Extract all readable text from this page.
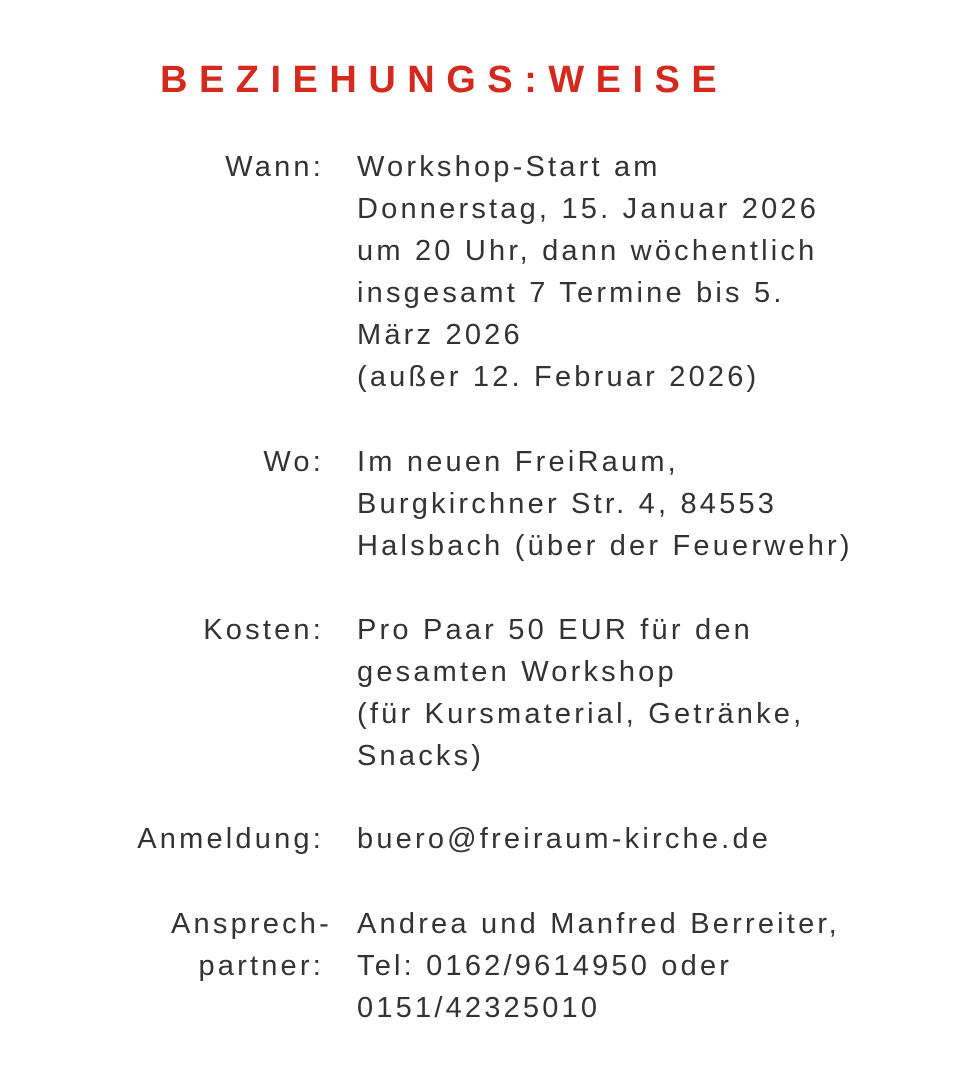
BEZIEHUNGS:WEISE
Wann: Workshop-Start am
Donnerstag, 15. Januar 2026
um 20 Uhr, dann wöchentlich
insgesamt 7 Termine bis 5.
März 2026
(außer 12. Februar 2026)
Wo: Im neuen FreiRaum,
Burgkirchner Str. 4, 84553
Halsbach (über der Feuerwehr)
Kosten: Pro Paar 50 EUR für den
gesamten Workshop
(für Kursmaterial, Getränke,
Snacks)
Anmeldung: buero@freiraum-kirche.de
Ansprech-
partner:
Andrea und Manfred Berreiter,
Tel: 0162/9614950 oder
0151/42325010
